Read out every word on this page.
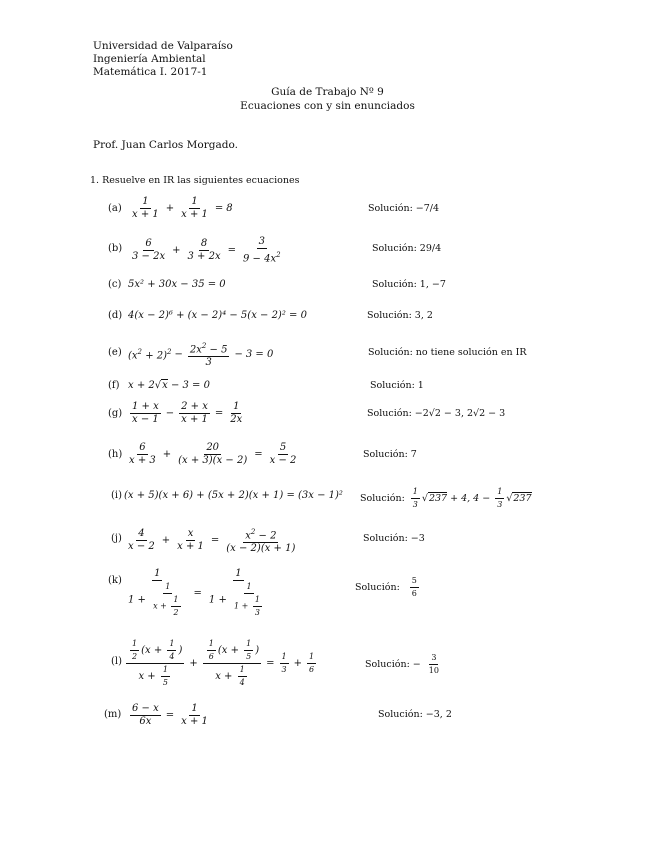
Universidad de Valparaíso
Ingeniería Ambiental
Matemática I. 2017-1
Guía de Trabajo Nº 9
Ecuaciones con y sin enunciados
Prof. Juan Carlos Morgado.
1. Resuelve en IR las siguientes ecuaciones
$(a) \frac{1}{x + 1} + \frac{1}{x + 1} = 8$	Solución: −7/4
$(b) \frac{6}{3 - 2x} + \frac{8}{3 + 2x} = \frac{3}{9 - 4x^2}$	Solución: 29/4
(c) 5x² + 30x − 35 = 0	Solución: 1, −7
(d) 4(x − 2)⁶ + (x − 2)⁴ − 5(x − 2)² = 0	Solución: 3, 2
(e) $(x^2 + 2)^2 - \frac{2x^2 - 5}{3} - 3 = 0$	Solución: no tiene solución en IR
(f) x + 2√x − 3 = 0	Solución: 1
$(g) \frac{1 + x}{x - 1} - \frac{2 + x}{x + 1} = \frac{1}{2x}$	Solución: −2√2 − 3, 2√2 − 3
$(h) \frac{6}{x + 3} + \frac{20}{(x + 3)(x - 2)} = \frac{5}{x - 2}$	Solución: 7
(i) (x + 5)(x + 6) + (5x + 2)(x + 1) = (3x − 1)² Solución: $\frac{1}{3} √237 + 4$, $4 - \frac{1}{3} √237$
$(j) \frac{4}{x - 2} + \frac{x}{x + 1} = \frac{x^2 - 2}{(x - 2)(x + 1)}$	Solución: −3
$(k) \frac{1}{1 + \frac{1}{x + \frac{1}{2}}} = \frac{1}{1 + \frac{1}{1 + \frac{1}{3}}}$	Solución: $\frac{5}{6}$
$(l) \frac{\frac{1}{2} (x + \frac{1}{4} )}{x + \frac{1}{5}} + \frac{\frac{1}{6} (x + \frac{1}{5} )}{x + \frac{1}{4}} = \frac{1}{3} + \frac{1}{6}$	Solución: − $\frac{3}{10}$
$(m) \frac{6 - x}{6x} = \frac{1}{x + 1}$	Solución: −3, 2
